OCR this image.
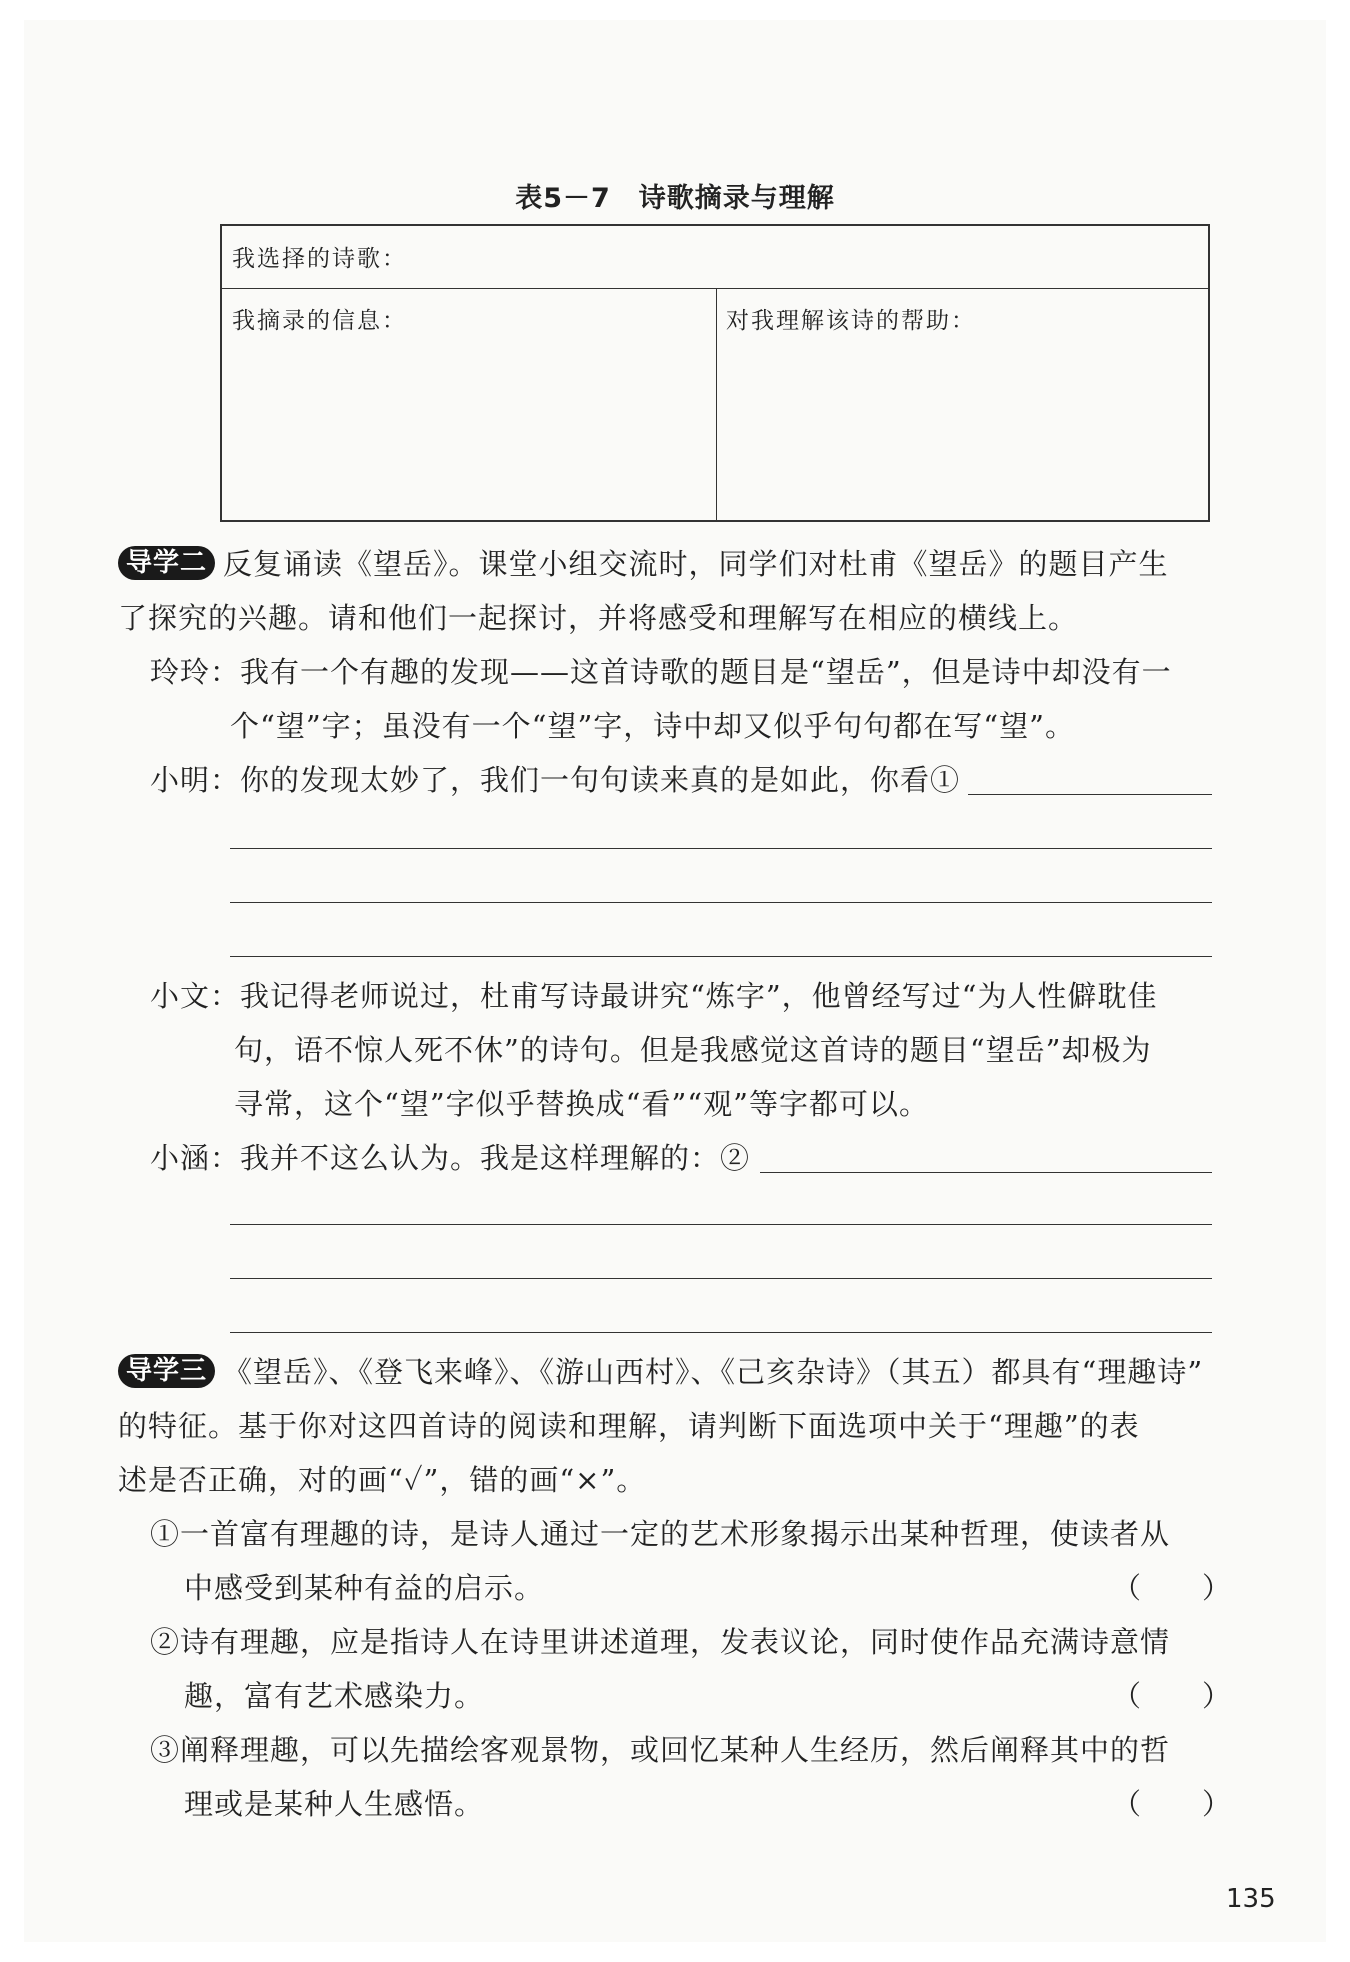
表5－7　诗歌摘录与理解
我选择的诗歌：
我摘录的信息：	对我理解该诗的帮助：
导学二 反复诵读《望岳》。课堂小组交流时，同学们对杜甫《望岳》的题目产生
了探究的兴趣。请和他们一起探讨，并将感受和理解写在相应的横线上。
玲玲：我有一个有趣的发现——这首诗歌的题目是“望岳”，但是诗中却没有一
个“望”字；虽没有一个“望”字，诗中却又似乎句句都在写“望”。
小明：你的发现太妙了，我们一句句读来真的是如此，你看①
小文：我记得老师说过，杜甫写诗最讲究“炼字”，他曾经写过“为人性僻耽佳
句，语不惊人死不休”的诗句。但是我感觉这首诗的题目“望岳”却极为
寻常，这个“望”字似乎替换成“看”“观”等字都可以。
小涵：我并不这么认为。我是这样理解的：②
导学三 《望岳》、《登飞来峰》、《游山西村》、《己亥杂诗》（其五）都具有“理趣诗”
的特征。基于你对这四首诗的阅读和理解，请判断下面选项中关于“理趣”的表
述是否正确，对的画“✓”，错的画“×”。
①一首富有理趣的诗，是诗人通过一定的艺术形象揭示出某种哲理，使读者从
中感受到某种有益的启示。	（　　）
②诗有理趣，应是指诗人在诗里讲述道理，发表议论，同时使作品充满诗意情
趣，富有艺术感染力。	（　　）
③阐释理趣，可以先描绘客观景物，或回忆某种人生经历，然后阐释其中的哲
理或是某种人生感悟。	（　　）
135
